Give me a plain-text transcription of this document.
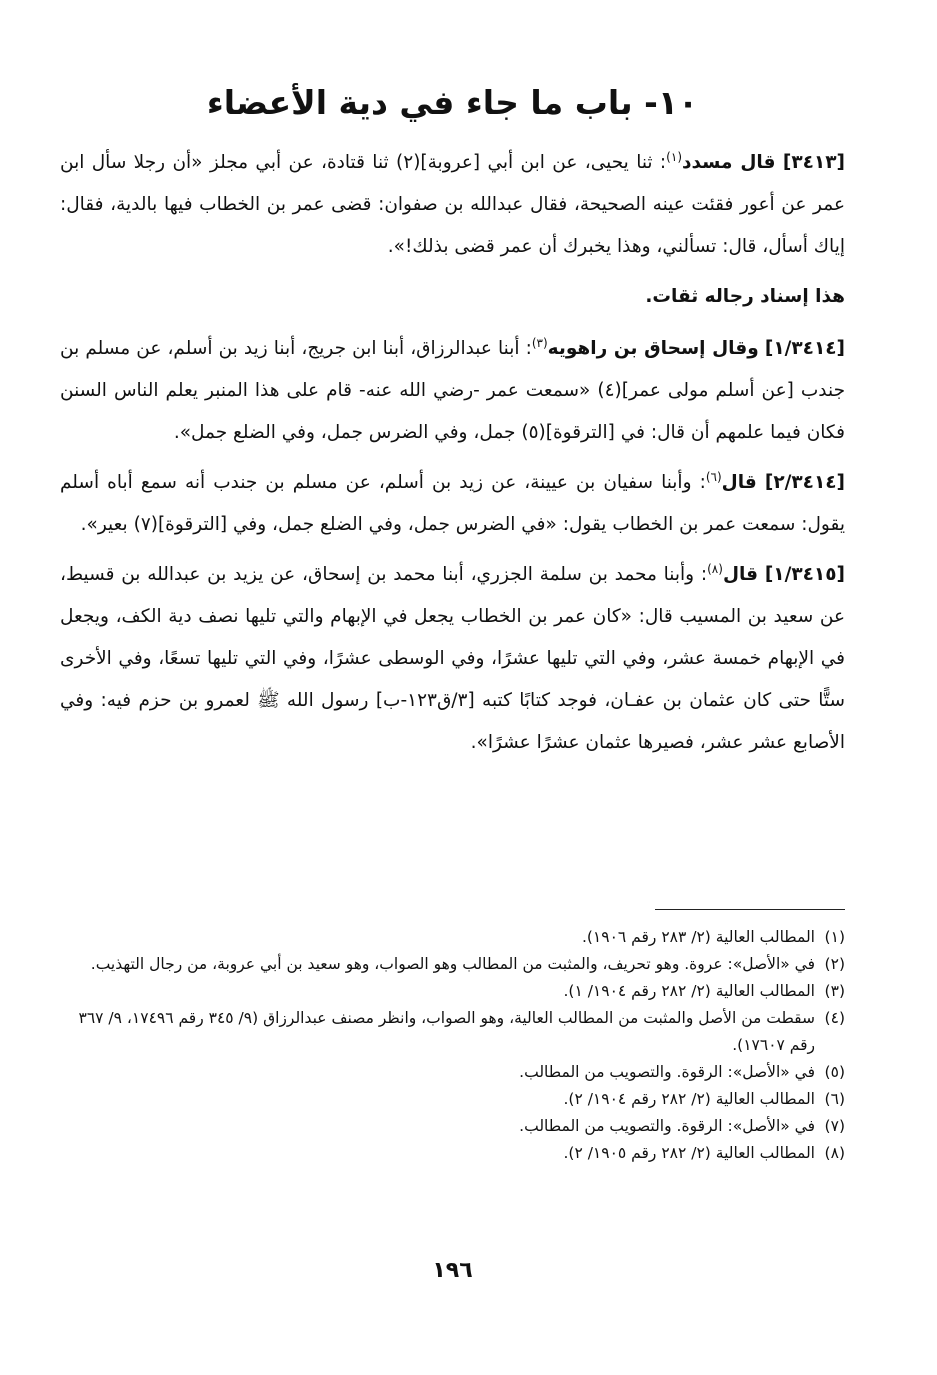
١٠- باب ما جاء في دية الأعضاء

[٣٤١٣] قال مسدد$^{(١)}$: ثنا يحيى، عن ابن أبي [عروبة](٢) ثنا قتادة، عن أبي مجلز «أن رجلا سأل ابن عمر عن أعور فقئت عينه الصحيحة، فقال عبدالله بن صفوان: قضى عمر بن الخطاب فيها بالدية، فقال: إياك أسأل، قال: تسألني، وهذا يخبرك أن عمر قضى بذلك!».

هذا إسناد رجاله ثقات.

[١/٣٤١٤] وقال إسحاق بن راهويه$^{(٣)}$: أبنا عبدالرزاق، أبنا ابن جريج، أبنا زيد بن أسلم، عن مسلم بن جندب [عن أسلم مولى عمر](٤) «سمعت عمر -رضي الله عنه- قام على هذا المنبر يعلم الناس السنن فكان فيما علمهم أن قال: في [الترقوة](٥) جمل، وفي الضرس جمل، وفي الضلع جمل».

[٢/٣٤١٤] قال$^{(٦)}$: وأبنا سفيان بن عيينة، عن زيد بن أسلم، عن مسلم بن جندب أنه سمع أباه أسلم يقول: سمعت عمر بن الخطاب يقول: «في الضرس جمل، وفي الضلع جمل، وفي [الترقوة](٧) بعير».

[١/٣٤١٥] قال$^{(٨)}$: وأبنا محمد بن سلمة الجزري، أبنا محمد بن إسحاق، عن يزيد بن عبدالله بن قسيط، عن سعيد بن المسيب قال: «كان عمر بن الخطاب يجعل في الإبهام والتي تليها نصف دية الكف، ويجعل في الإبهام خمسة عشر، وفي التي تليها عشرًا، وفي الوسطى عشرًا، وفي التي تليها تسعًا، وفي الأخرى ستًّا حتى كان عثمان بن عفـان، فوجد كتابًا كتبه [٣/ق١٢٣-ب] رسول الله ﷺ لعمرو بن حزم فيه: وفي الأصابع عشر عشر، فصيرها عثمان عشرًا عشرًا».

(١)المطالب العالية (٢/ ٢٨٣ رقم ١٩٠٦).

(٢)في «الأصل»: عروة. وهو تحريف، والمثبت من المطالب وهو الصواب، وهو سعيد بن أبي عروبة، من رجال التهذيب.

(٣)المطالب العالية (٢/ ٢٨٢ رقم ١٩٠٤/ ١).

(٤)سقطت من الأصل والمثبت من المطالب العالية، وهو الصواب، وانظر مصنف عبدالرزاق (٩/ ٣٤٥ رقم ١٧٤٩٦، ٩/ ٣٦٧ رقم ١٧٦٠٧).

(٥)في «الأصل»: الرقوة. والتصويب من المطالب.

(٦)المطالب العالية (٢/ ٢٨٢ رقم ١٩٠٤/ ٢).

(٧)في «الأصل»: الرقوة. والتصويب من المطالب.

(٨)المطالب العالية (٢/ ٢٨٢ رقم ١٩٠٥/ ٢).

١٩٦
